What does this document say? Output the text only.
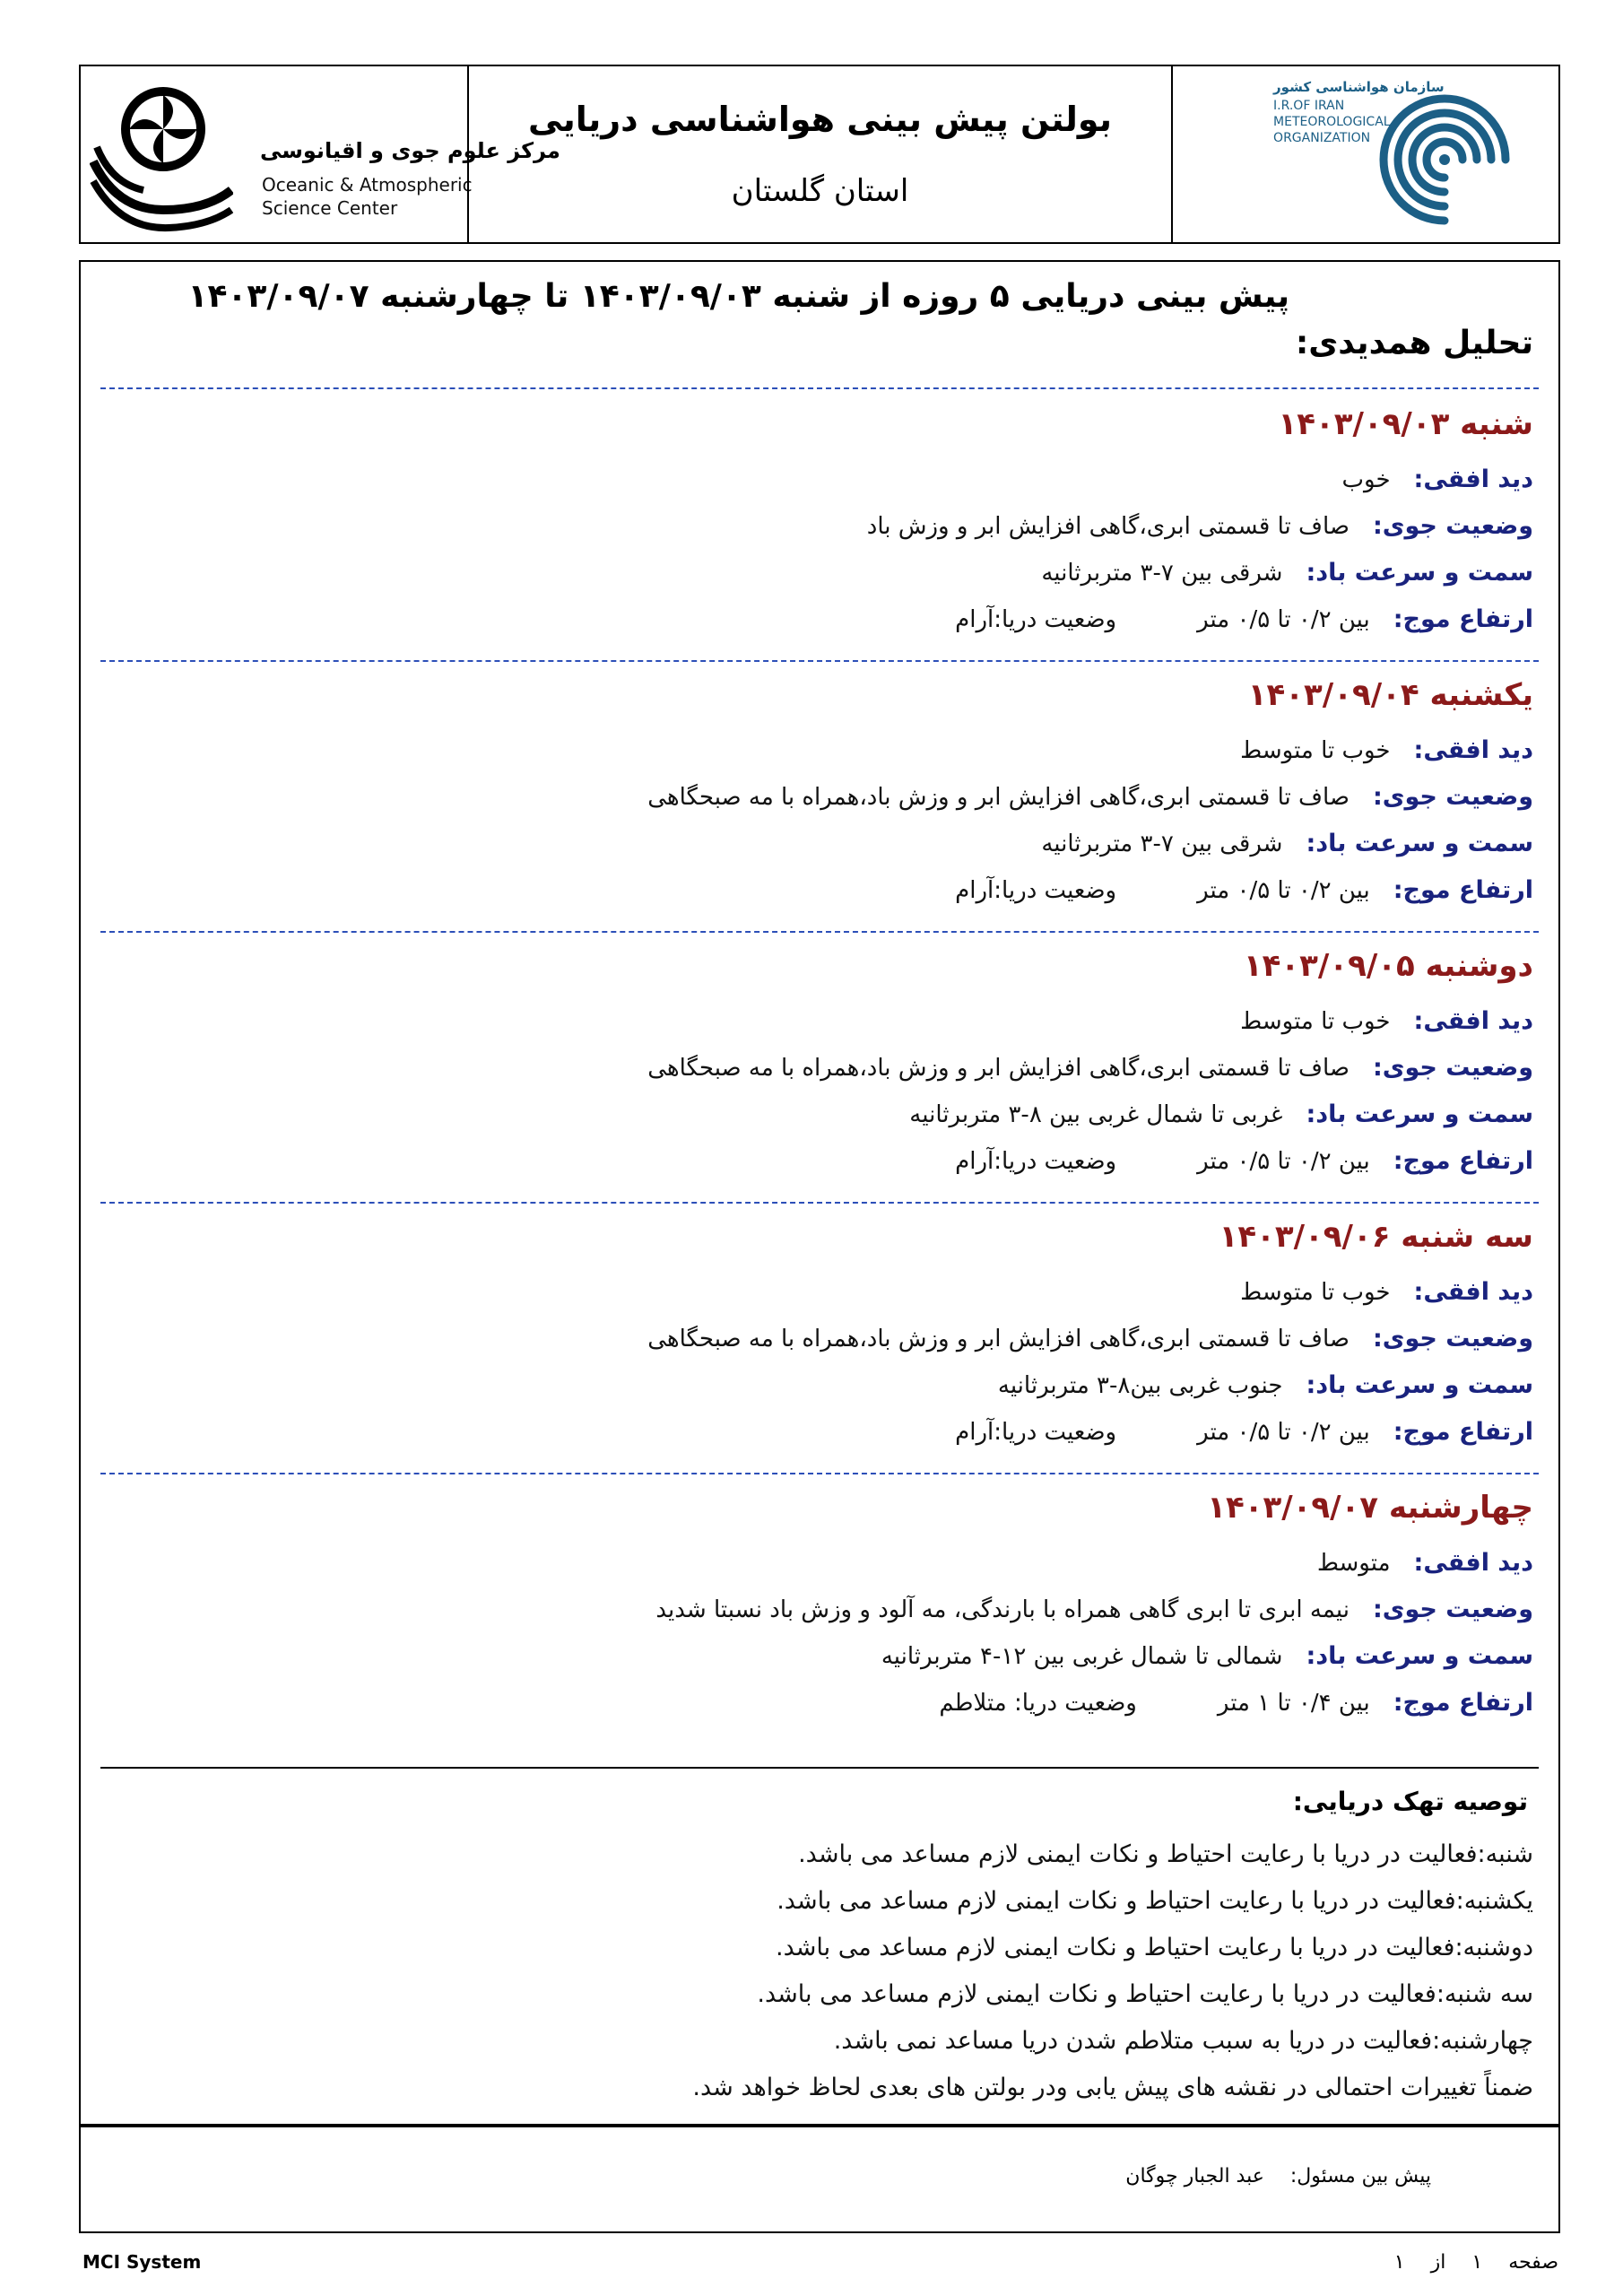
مرکز علوم جوی و اقیانوسی
Oceanic & Atmospheric
Science Center
بولتن پیش بینی هواشناسی دریایی
استان گلستان
سازمان هواشناسی کشور
I.R.OF IRAN
METEOROLOGICAL
ORGANIZATION
پیش بینی دریایی ۵ روزه از شنبه ۱۴۰۳/۰۹/۰۳ تا چهارشنبه ۱۴۰۳/۰۹/۰۷
تحلیل همدیدی:
شنبه ۱۴۰۳/۰۹/۰۳
دید افقی:
خوب
وضعیت جوی:
صاف تا قسمتی ابری،گاهی افزایش ابر و وزش باد
سمت و سرعت باد:
شرقی بین ۷-۳ متربرثانیه
ارتفاع موج:
بین ۰/۲ تا ۰/۵ متر
وضعیت دریا:آرام
یکشنبه ۱۴۰۳/۰۹/۰۴
دید افقی:
خوب تا متوسط
وضعیت جوی:
صاف تا قسمتی ابری،گاهی افزایش ابر و وزش باد،همراه با مه صبحگاهی
سمت و سرعت باد:
شرقی بین ۷-۳ متربرثانیه
ارتفاع موج:
بین ۰/۲ تا ۰/۵ متر
وضعیت دریا:آرام
دوشنبه ۱۴۰۳/۰۹/۰۵
دید افقی:
خوب تا متوسط
وضعیت جوی:
صاف تا قسمتی ابری،گاهی افزایش ابر و وزش باد،همراه با مه صبحگاهی
سمت و سرعت باد:
غربی تا شمال غربی بین ۸-۳ متربرثانیه
ارتفاع موج:
بین ۰/۲ تا ۰/۵ متر
وضعیت دریا:آرام
سه شنبه ۱۴۰۳/۰۹/۰۶
دید افقی:
خوب تا متوسط
وضعیت جوی:
صاف تا قسمتی ابری،گاهی افزایش ابر و وزش باد،همراه با مه صبحگاهی
سمت و سرعت باد:
جنوب غربی بین۸-۳ متربرثانیه
ارتفاع موج:
بین ۰/۲ تا ۰/۵ متر
وضعیت دریا:آرام
چهارشنبه ۱۴۰۳/۰۹/۰۷
دید افقی:
متوسط
وضعیت جوی:
نیمه ابری تا ابری گاهی همراه با بارندگی، مه آلود و وزش باد نسبتا شدید
سمت و سرعت باد:
شمالی تا شمال غربی بین ۱۲-۴ متربرثانیه
ارتفاع موج:
بین ۰/۴ تا ۱ متر
وضعیت دریا: متلاطم
توصیه تهک دریایی:
شنبه:فعالیت در دریا با رعایت احتیاط و نکات ایمنی لازم مساعد می باشد.
یکشنبه:فعالیت در دریا با رعایت احتیاط و نکات ایمنی لازم مساعد می باشد.
دوشنبه:فعالیت در دریا با رعایت احتیاط و نکات ایمنی لازم مساعد می باشد.
سه شنبه:فعالیت در دریا با رعایت احتیاط و نکات ایمنی لازم مساعد می باشد.
چهارشنبه:فعالیت در دریا به سبب متلاطم شدن دریا مساعد نمی باشد.
ضمناً تغییرات احتمالی در نقشه های پیش یابی ودر بولتن های بعدی لحاظ خواهد شد.
پیش بین مسئول: عبد الجبار چوگان
MCI System	صفحه ۱ از ۱
